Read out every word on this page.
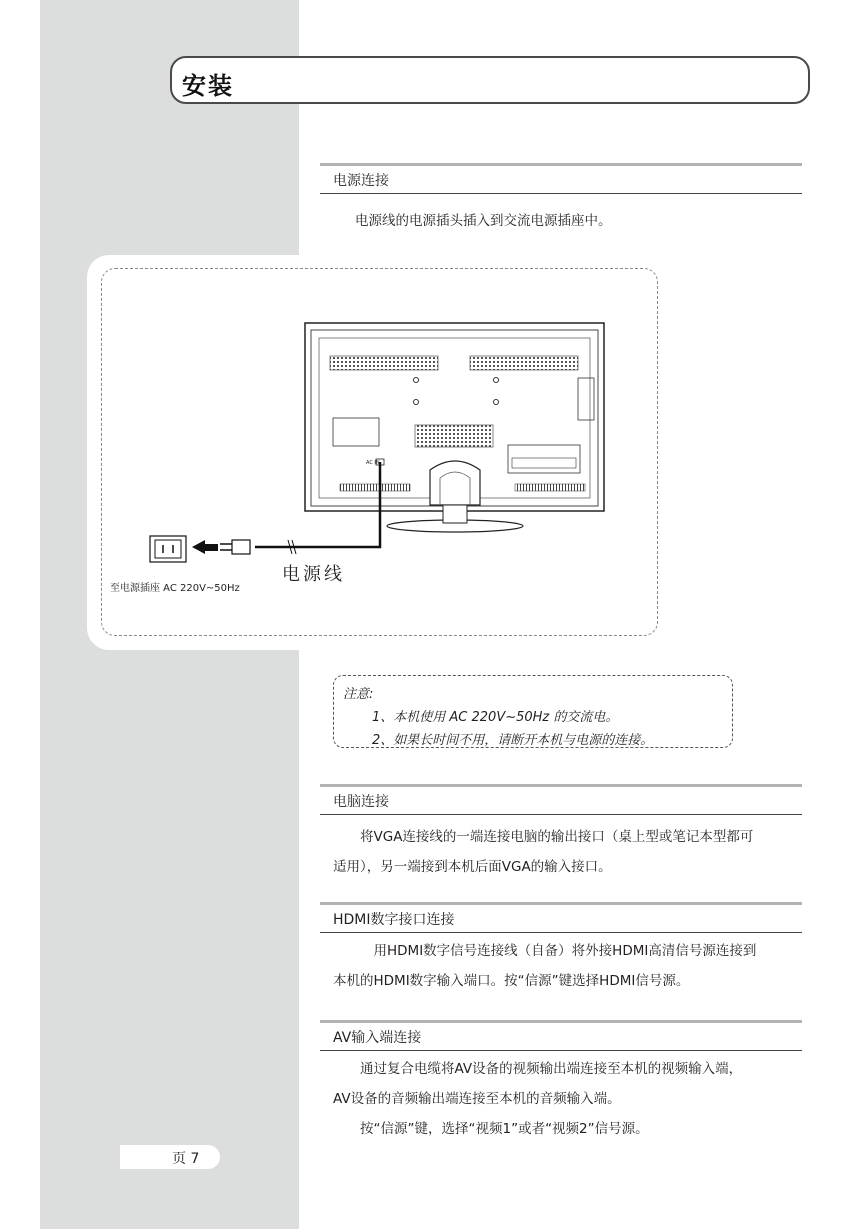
安装
电源连接
电源线的电源插头插入到交流电源插座中。
AC IN
电源线
至电源插座 AC 220V~50Hz
注意:
1、本机使用 AC 220V~50Hz 的交流电。
2、如果长时间不用，请断开本机与电源的连接。
电脑连接
将VGA连接线的一端连接电脑的输出接口（桌上型或笔记本型都可
适用），另一端接到本机后面VGA的输入接口。
HDMI数字接口连接
用HDMI数字信号连接线（自备）将外接HDMI高清信号源连接到
本机的HDMI数字输入端口。按“信源”键选择HDMI信号源。
AV输入端连接
通过复合电缆将AV设备的视频输出端连接至本机的视频输入端，
AV设备的音频输出端连接至本机的音频输入端。
按“信源”键，选择“视频1”或者“视频2”信号源。
页 7
